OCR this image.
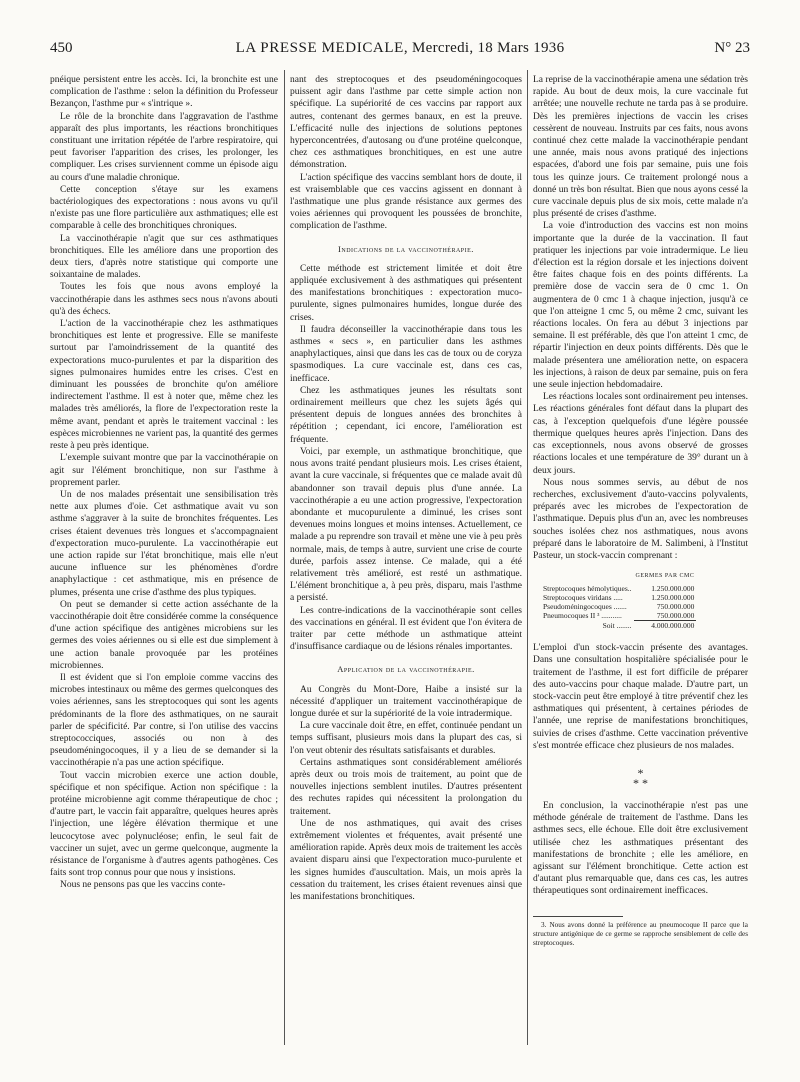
450	LA PRESSE MEDICALE, Mercredi, 18 Mars 1936	N° 23

pnéique persistent entre les accès. Ici, la bronchite est une complication de l'asthme : selon la définition du Professeur Bezançon, l'asthme pur « s'intrique ».

Le rôle de la bronchite dans l'aggravation de l'asthme apparaît des plus importants, les réactions bronchitiques constituant une irritation répétée de l'arbre respiratoire, qui peut favoriser l'apparition des crises, les prolonger, les compliquer. Les crises surviennent comme un épisode aigu au cours d'une maladie chronique.

Cette conception s'étaye sur les examens bactériologiques des expectorations : nous avons vu qu'il n'existe pas une flore particulière aux asthmatiques; elle est comparable à celle des bronchitiques chroniques.

La vaccinothérapie n'agit que sur ces asthmatiques bronchitiques. Elle les améliore dans une proportion des deux tiers, d'après notre statistique qui comporte une soixantaine de malades.

Toutes les fois que nous avons employé la vaccinothérapie dans les asthmes secs nous n'avons abouti qu'à des échecs.

L'action de la vaccinothérapie chez les asthmatiques bronchitiques est lente et progressive. Elle se manifeste surtout par l'amoindrissement de la quantité des expectorations muco-purulentes et par la disparition des signes pulmonaires humides entre les crises. C'est en diminuant les poussées de bronchite qu'on améliore indirectement l'asthme. Il est à noter que, même chez les malades très améliorés, la flore de l'expectoration reste la même avant, pendant et après le traitement vaccinal : les espèces microbiennes ne varient pas, la quantité des germes reste à peu près identique.

L'exemple suivant montre que par la vaccinothérapie on agit sur l'élément bronchitique, non sur l'asthme à proprement parler.

Un de nos malades présentait une sensibilisation très nette aux plumes d'oie. Cet asthmatique avait vu son asthme s'aggraver à la suite de bronchites fréquentes. Les crises étaient devenues très longues et s'accompagnaient d'expectoration muco-purulente. La vaccinothérapie eut une action rapide sur l'état bronchitique, mais elle n'eut aucune influence sur les phénomènes d'ordre anaphylactique : cet asthmatique, mis en présence de plumes, présenta une crise d'asthme des plus typiques.

On peut se demander si cette action asséchante de la vaccinothérapie doit être considérée comme la conséquence d'une action spécifique des antigènes microbiens sur les germes des voies aériennes ou si elle est due simplement à une action banale provoquée par les protéines microbiennes.

Il est évident que si l'on emploie comme vaccins des microbes intestinaux ou même des germes quelconques des voies aériennes, sans les streptocoques qui sont les agents prédominants de la flore des asthmatiques, on ne saurait parler de spécificité. Par contre, si l'on utilise des vaccins streptococciques, associés ou non à des pseudoméningocoques, il y a lieu de se demander si la vaccinothérapie n'a pas une action spécifique.

Tout vaccin microbien exerce une action double, spécifique et non spécifique. Action non spécifique : la protéine microbienne agit comme thérapeutique de choc ; d'autre part, le vaccin fait apparaître, quelques heures après l'injection, une légère élévation thermique et une leucocytose avec polynucléose; enfin, le seul fait de vacciner un sujet, avec un germe quelconque, augmente la résistance de l'organisme à d'autres agents pathogènes. Ces faits sont trop connus pour que nous y insistions.

Nous ne pensons pas que les vaccins conte-

nant des streptocoques et des pseudoméningocoques puissent agir dans l'asthme par cette simple action non spécifique. La supériorité de ces vaccins par rapport aux autres, contenant des germes banaux, en est la preuve. L'efficacité nulle des injections de solutions peptones hyperconcentrées, d'autosang ou d'une protéine quelconque, chez ces asthmatiques bronchitiques, en est une autre démonstration.

L'action spécifique des vaccins semblant hors de doute, il est vraisemblable que ces vaccins agissent en donnant à l'asthmatique une plus grande résistance aux germes des voies aériennes qui provoquent les poussées de bronchite, complication de l'asthme.

Indications de la vaccinothérapie.

Cette méthode est strictement limitée et doit être appliquée exclusivement à des asthmatiques qui présentent des manifestations bronchitiques : expectoration muco-purulente, signes pulmonaires humides, longue durée des crises.

Il faudra déconseiller la vaccinothérapie dans tous les asthmes « secs », en particulier dans les asthmes anaphylactiques, ainsi que dans les cas de toux ou de coryza spasmodiques. La cure vaccinale est, dans ces cas, inefficace.

Chez les asthmatiques jeunes les résultats sont ordinairement meilleurs que chez les sujets âgés qui présentent depuis de longues années des bronchites à répétition ; cependant, ici encore, l'amélioration est fréquente.

Voici, par exemple, un asthmatique bronchitique, que nous avons traité pendant plusieurs mois. Les crises étaient, avant la cure vaccinale, si fréquentes que ce malade avait dû abandonner son travail depuis plus d'une année. La vaccinothérapie a eu une action progressive, l'expectoration abondante et mucopurulente a diminué, les crises sont devenues moins longues et moins intenses. Actuellement, ce malade a pu reprendre son travail et mène une vie à peu près normale, mais, de temps à autre, survient une crise de courte durée, parfois assez intense. Ce malade, qui a été relativement très amélioré, est resté un asthmatique. L'élément bronchitique a, à peu près, disparu, mais l'asthme a persisté.

Les contre-indications de la vaccinothérapie sont celles des vaccinations en général. Il est évident que l'on évitera de traiter par cette méthode un asthmatique atteint d'insuffisance cardiaque ou de lésions rénales importantes.

Application de la vaccinothérapie.

Au Congrès du Mont-Dore, Haibe a insisté sur la nécessité d'appliquer un traitement vaccinothérapique de longue durée et sur la supériorité de la voie intradermique.

La cure vaccinale doit être, en effet, continuée pendant un temps suffisant, plusieurs mois dans la plupart des cas, si l'on veut obtenir des résultats satisfaisants et durables.

Certains asthmatiques sont considérablement améliorés après deux ou trois mois de traitement, au point que de nouvelles injections semblent inutiles. D'autres présentent des rechutes rapides qui nécessitent la prolongation du traitement.

Une de nos asthmatiques, qui avait des crises extrêmement violentes et fréquentes, avait présenté une amélioration rapide. Après deux mois de traitement les accès avaient disparu ainsi que l'expectoration muco-purulente et les signes humides d'auscultation. Mais, un mois après la cessation du traitement, les crises étaient revenues ainsi que les manifestations bronchitiques.

La reprise de la vaccinothérapie amena une sédation très rapide. Au bout de deux mois, la cure vaccinale fut arrêtée; une nouvelle rechute ne tarda pas à se produire. Dès les premières injections de vaccin les crises cessèrent de nouveau. Instruits par ces faits, nous avons continué chez cette malade la vaccinothérapie pendant une année, mais nous avons pratiqué des injections espacées, d'abord une fois par semaine, puis une fois tous les quinze jours. Ce traitement prolongé nous a donné un très bon résultat. Bien que nous ayons cessé la cure vaccinale depuis plus de six mois, cette malade n'a plus présenté de crises d'asthme.

La voie d'introduction des vaccins est non moins importante que la durée de la vaccination. Il faut pratiquer les injections par voie intradermique. Le lieu d'élection est la région dorsale et les injections doivent être faites chaque fois en des points différents. La première dose de vaccin sera de 0 cmc 1. On augmentera de 0 cmc 1 à chaque injection, jusqu'à ce que l'on atteigne 1 cmc 5, ou même 2 cmc, suivant les réactions locales. On fera au début 3 injections par semaine. Il est préférable, dès que l'on atteint 1 cmc, de répartir l'injection en deux points différents. Dès que le malade présentera une amélioration nette, on espacera les injections, à raison de deux par semaine, puis on fera une seule injection hebdomadaire.

Les réactions locales sont ordinairement peu intenses. Les réactions générales font défaut dans la plupart des cas, à l'exception quelquefois d'une légère poussée thermique quelques heures après l'injection. Dans des cas exceptionnels, nous avons observé de grosses réactions locales et une température de 39° durant un à deux jours.

Nous nous sommes servis, au début de nos recherches, exclusivement d'auto-vaccins polyvalents, préparés avec les microbes de l'expectoration de l'asthmatique. Depuis plus d'un an, avec les nombreuses souches isolées chez nos asthmatiques, nous avons préparé dans le laboratoire de M. Salimbeni, à l'Institut Pasteur, un stock-vaccin comprenant :

	GERMES PAR CMC
Streptocoques hémolytiques..	1.250.000.000
Streptocoques viridans .....	1.250.000.000
Pseudoméningocoques .......	750.000.000
Pneumocoques II ³ ...........	750.000.000
Soit ........	4.000.000.000

L'emploi d'un stock-vaccin présente des avantages. Dans une consultation hospitalière spécialisée pour le traitement de l'asthme, il est fort difficile de préparer des auto-vaccins pour chaque malade. D'autre part, un stock-vaccin peut être employé à titre préventif chez les asthmatiques qui présentent, à certaines périodes de l'année, une reprise de manifestations bronchitiques, suivies de crises d'asthme. Cette vaccination préventive s'est montrée efficace chez plusieurs de nos malades.

*
* *

En conclusion, la vaccinothérapie n'est pas une méthode générale de traitement de l'asthme. Dans les asthmes secs, elle échoue. Elle doit être exclusivement utilisée chez les asthmatiques présentant des manifestations de bronchite ; elle les améliore, en agissant sur l'élément bronchitique. Cette action est d'autant plus remarquable que, dans ces cas, les autres thérapeutiques sont ordinairement inefficaces.

3. Nous avons donné la préférence au pneumocoque II parce que la structure antigénique de ce germe se rapproche sensiblement de celle des streptocoques.
